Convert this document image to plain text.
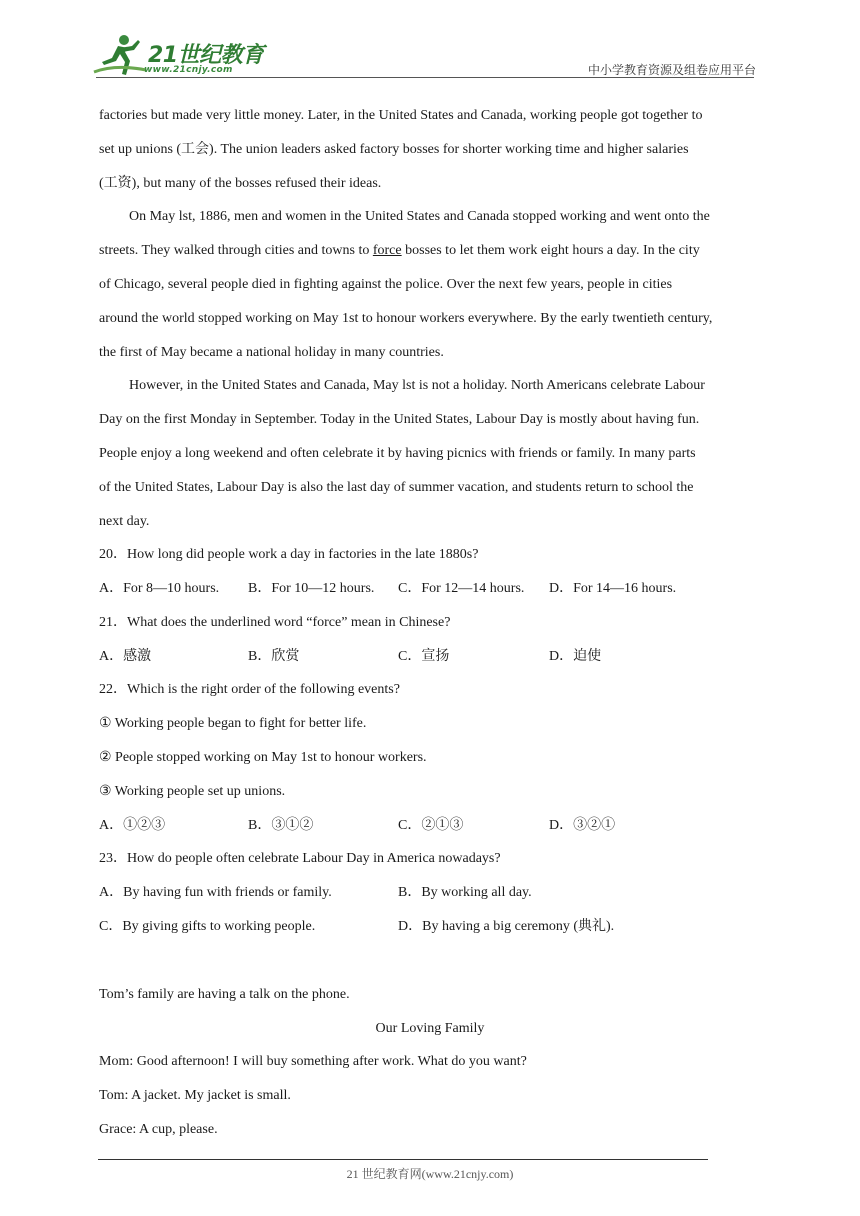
21世纪教育
www.21cnjy.com	中小学教育资源及组卷应用平台
factories but made very little money. Later, in the United States and Canada, working people got together to
set up unions (工会). The union leaders asked factory bosses for shorter working time and higher salaries
(工资), but many of the bosses refused their ideas.
On May lst, 1886, men and women in the United States and Canada stopped working and went onto the
streets. They walked through cities and towns to force bosses to let them work eight hours a day. In the city
of Chicago, several people died in fighting against the police. Over the next few years, people in cities
around the world stopped working on May 1st to honour workers everywhere. By the early twentieth century,
the first of May became a national holiday in many countries.
However, in the United States and Canada, May lst is not a holiday. North Americans celebrate Labour
Day on the first Monday in September. Today in the United States, Labour Day is mostly about having fun.
People enjoy a long weekend and often celebrate it by having picnics with friends or family. In many parts
of the United States, Labour Day is also the last day of summer vacation, and students return to school the
next day.
20．How long did people work a day in factories in the late 1880s?
A．For 8—10 hours. B．For 10—12 hours. C．For 12—14 hours. D．For 14—16 hours.
21．What does the underlined word “force” mean in Chinese?
A．感激	B．欣赏	C．宣扬	D．迫使
22．Which is the right order of the following events?
① Working people began to fight for better life.
② People stopped working on May 1st to honour workers.
③ Working people set up unions.
A．①②③	B．③①②	C．②①③	D．③②①
23．How do people often celebrate Labour Day in America nowadays?
A．By having fun with friends or family.	B．By working all day.
C．By giving gifts to working people.	D．By having a big ceremony (典礼).
Tom’s family are having a talk on the phone.
Our Loving Family
Mom: Good afternoon! I will buy something after work. What do you want?
Tom: A jacket. My jacket is small.
Grace: A cup, please.
21 世纪教育网(www.21cnjy.com)
